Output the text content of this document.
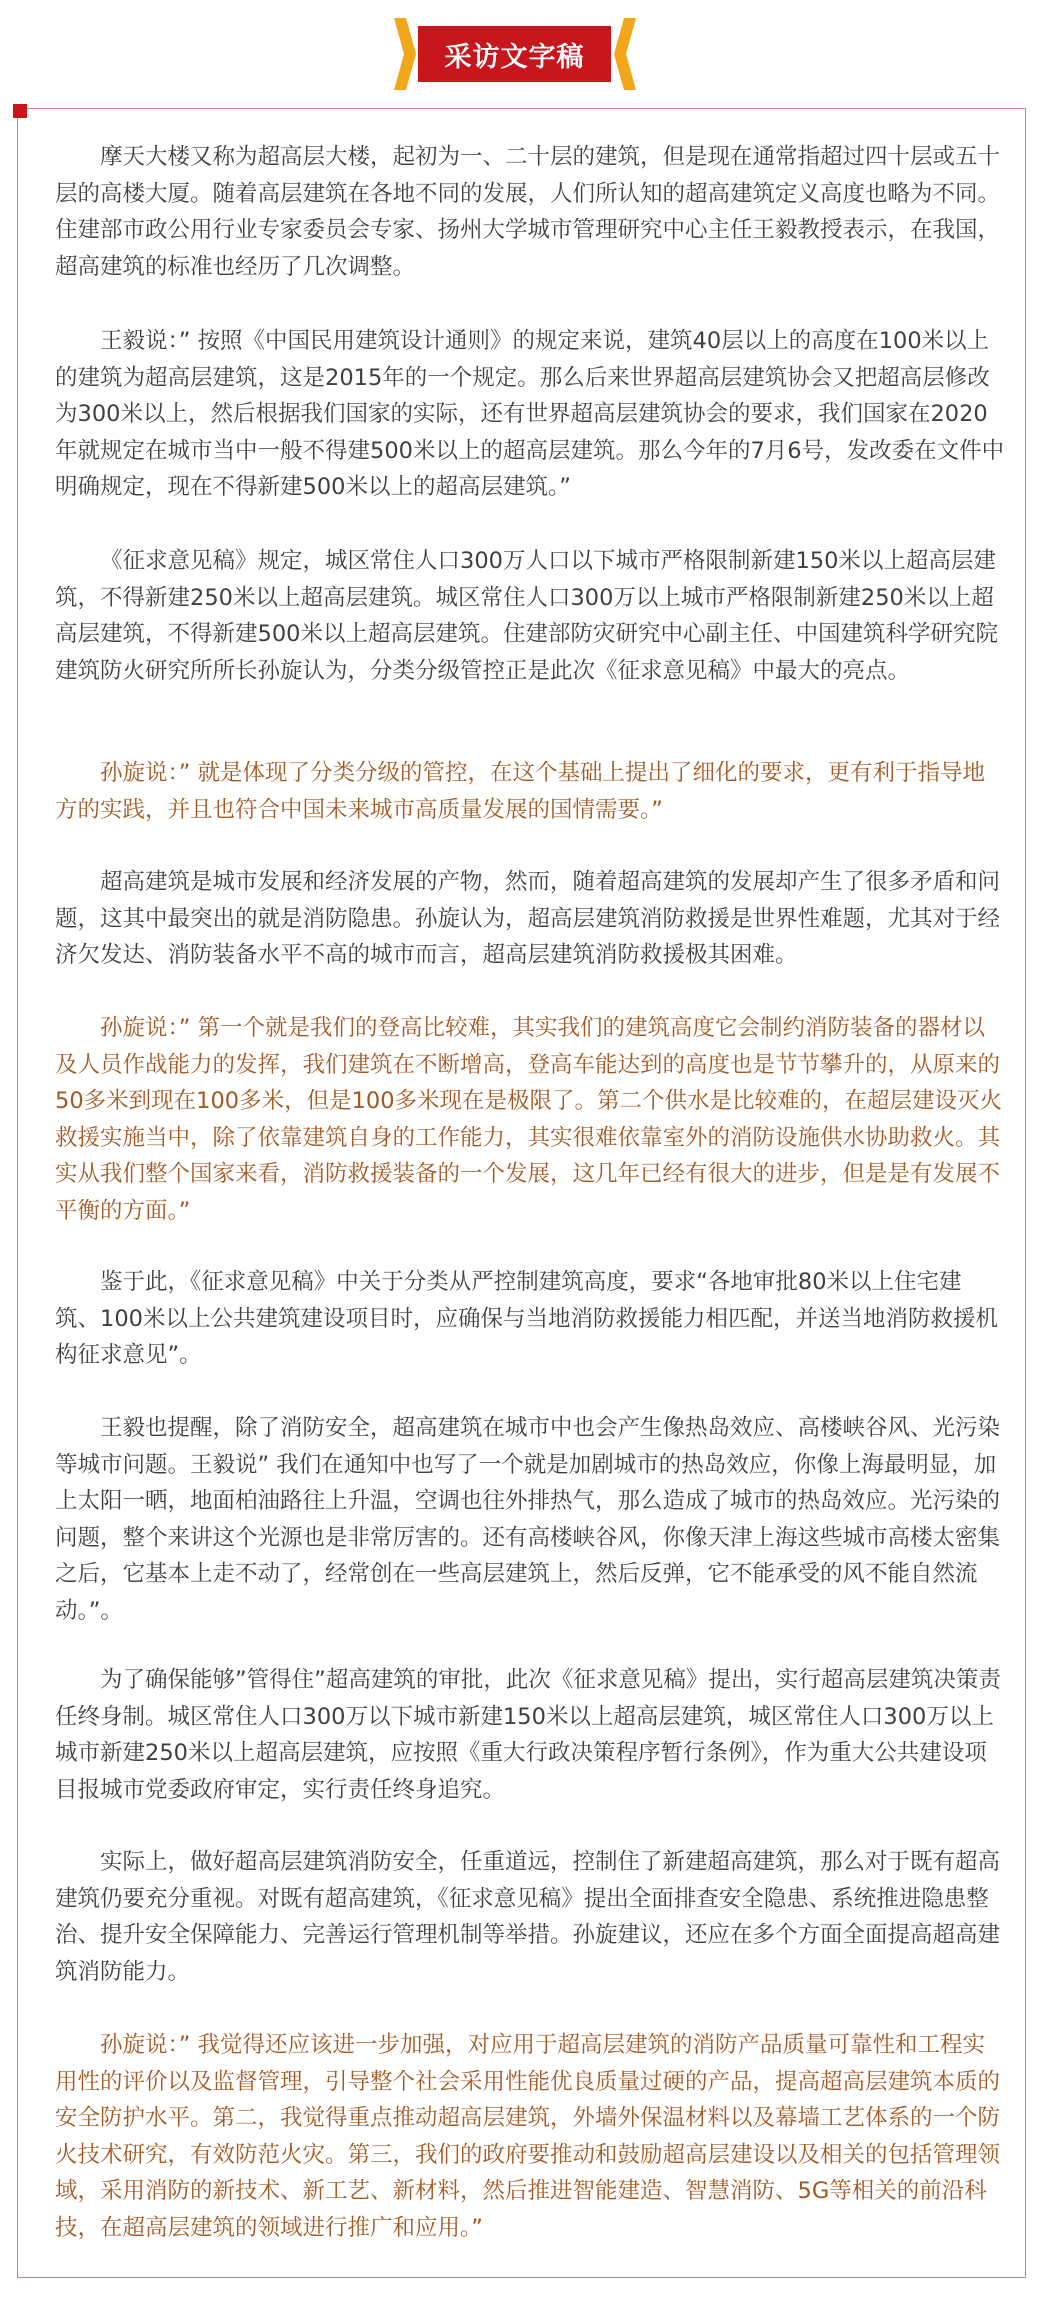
采访文字稿

摩天大楼又称为超高层大楼，起初为一、二十层的建筑，但是现在通常指超过四十层或五十层的高楼大厦。随着高层建筑在各地不同的发展，人们所认知的超高建筑定义高度也略为不同。住建部市政公用行业专家委员会专家、扬州大学城市管理研究中心主任王毅教授表示，在我国，超高建筑的标准也经历了几次调整。

王毅说：” 按照《中国民用建筑设计通则》的规定来说，建筑40层以上的高度在100米以上的建筑为超高层建筑，这是2015年的一个规定。那么后来世界超高层建筑协会又把超高层修改为300米以上，然后根据我们国家的实际，还有世界超高层建筑协会的要求，我们国家在2020年就规定在城市当中一般不得建500米以上的超高层建筑。那么今年的7月6号，发改委在文件中明确规定，现在不得新建500米以上的超高层建筑。”

《征求意见稿》规定，城区常住人口300万人口以下城市严格限制新建150米以上超高层建筑，不得新建250米以上超高层建筑。城区常住人口300万以上城市严格限制新建250米以上超高层建筑，不得新建500米以上超高层建筑。住建部防灾研究中心副主任、中国建筑科学研究院建筑防火研究所所长孙旋认为，分类分级管控正是此次《征求意见稿》中最大的亮点。

孙旋说：” 就是体现了分类分级的管控，在这个基础上提出了细化的要求，更有利于指导地方的实践，并且也符合中国未来城市高质量发展的国情需要。”

超高建筑是城市发展和经济发展的产物，然而，随着超高建筑的发展却产生了很多矛盾和问题，这其中最突出的就是消防隐患。孙旋认为，超高层建筑消防救援是世界性难题，尤其对于经济欠发达、消防装备水平不高的城市而言，超高层建筑消防救援极其困难。

孙旋说：” 第一个就是我们的登高比较难，其实我们的建筑高度它会制约消防装备的器材以及人员作战能力的发挥，我们建筑在不断增高，登高车能达到的高度也是节节攀升的，从原来的50多米到现在100多米，但是100多米现在是极限了。第二个供水是比较难的，在超层建设灭火救援实施当中，除了依靠建筑自身的工作能力，其实很难依靠室外的消防设施供水协助救火。其实从我们整个国家来看，消防救援装备的一个发展，这几年已经有很大的进步，但是是有发展不平衡的方面。”

鉴于此，《征求意见稿》中关于分类从严控制建筑高度，要求“各地审批80米以上住宅建筑、100米以上公共建筑建设项目时，应确保与当地消防救援能力相匹配，并送当地消防救援机构征求意见”。

王毅也提醒，除了消防安全，超高建筑在城市中也会产生像热岛效应、高楼峡谷风、光污染等城市问题。王毅说” 我们在通知中也写了一个就是加剧城市的热岛效应，你像上海最明显，加上太阳一晒，地面柏油路往上升温，空调也往外排热气，那么造成了城市的热岛效应。光污染的问题，整个来讲这个光源也是非常厉害的。还有高楼峡谷风，你像天津上海这些城市高楼太密集之后，它基本上走不动了，经常创在一些高层建筑上，然后反弹，它不能承受的风不能自然流动。”。

为了确保能够”管得住”超高建筑的审批，此次《征求意见稿》提出，实行超高层建筑决策责任终身制。城区常住人口300万以下城市新建150米以上超高层建筑，城区常住人口300万以上城市新建250米以上超高层建筑，应按照《重大行政决策程序暂行条例》，作为重大公共建设项目报城市党委政府审定，实行责任终身追究。

实际上，做好超高层建筑消防安全，任重道远，控制住了新建超高建筑，那么对于既有超高建筑仍要充分重视。对既有超高建筑，《征求意见稿》提出全面排查安全隐患、系统推进隐患整治、提升安全保障能力、完善运行管理机制等举措。孙旋建议，还应在多个方面全面提高超高建筑消防能力。

孙旋说：” 我觉得还应该进一步加强，对应用于超高层建筑的消防产品质量可靠性和工程实用性的评价以及监督管理，引导整个社会采用性能优良质量过硬的产品，提高超高层建筑本质的安全防护水平。第二，我觉得重点推动超高层建筑，外墙外保温材料以及幕墙工艺体系的一个防火技术研究，有效防范火灾。第三，我们的政府要推动和鼓励超高层建设以及相关的包括管理领域，采用消防的新技术、新工艺、新材料，然后推进智能建造、智慧消防、5G等相关的前沿科技，在超高层建筑的领域进行推广和应用。”
